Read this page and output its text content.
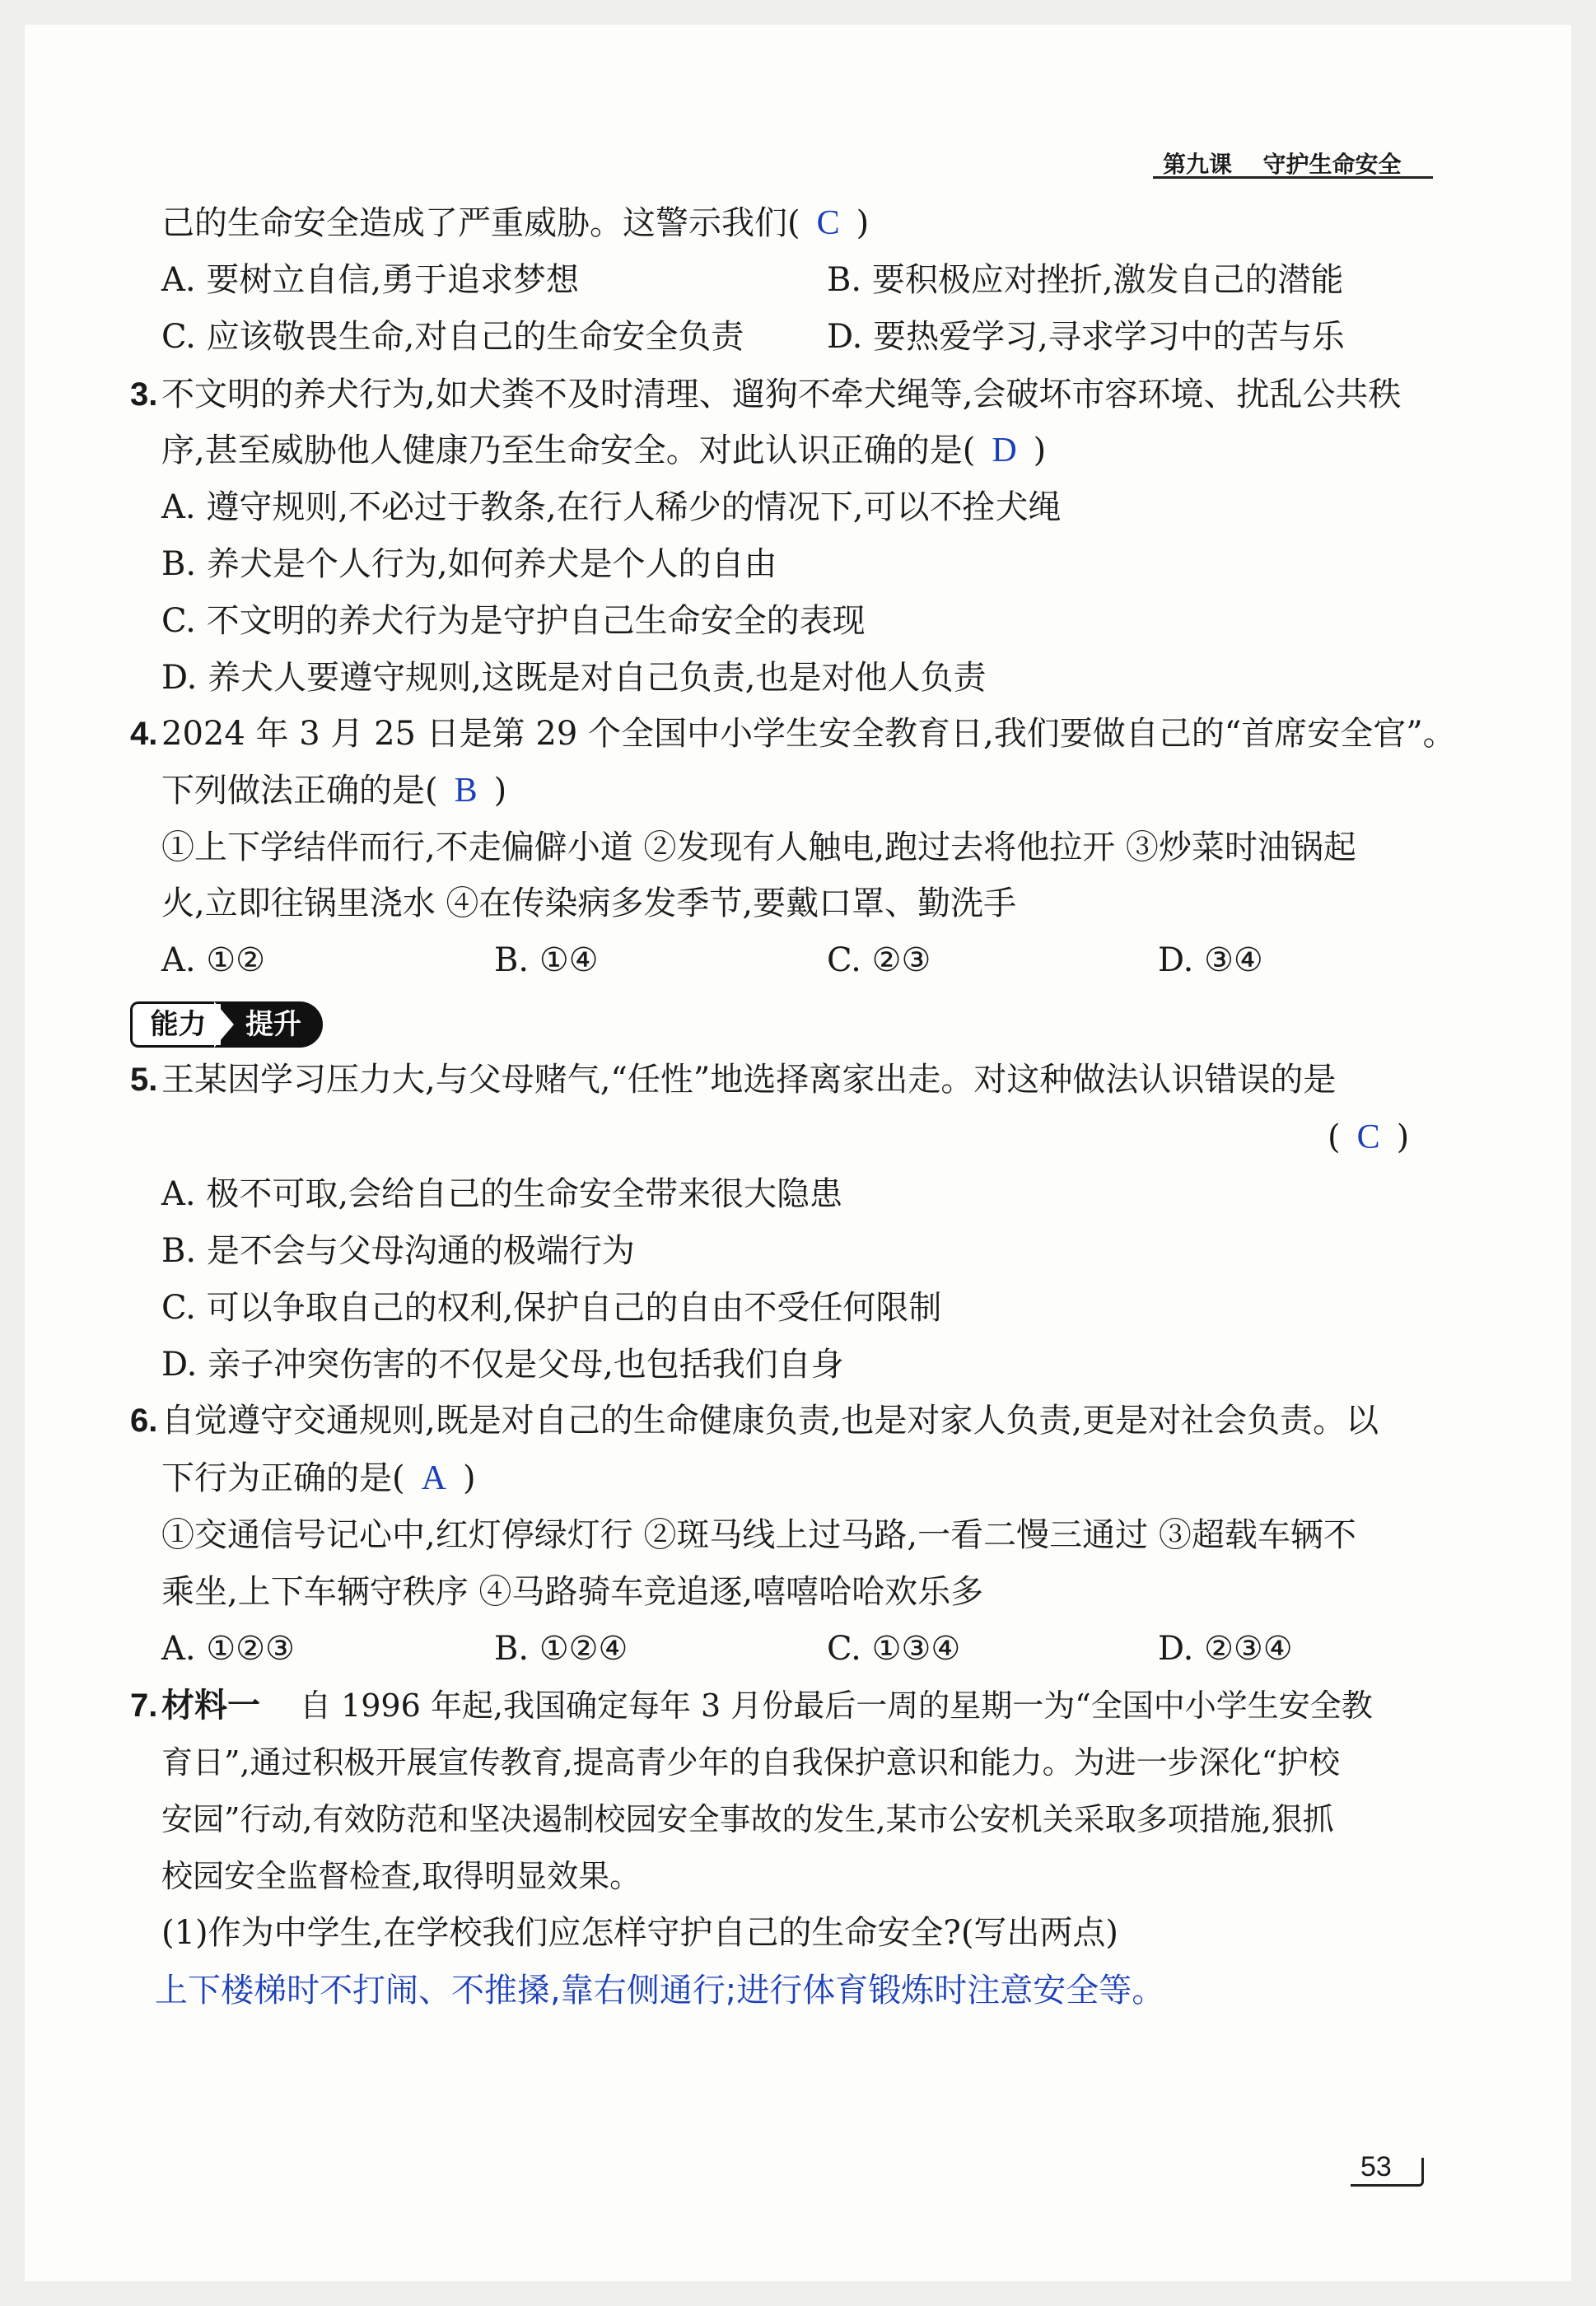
第九课 守护生命安全
己的生命安全造成了严重威胁。这警示我们( C )
A. 要树立自信,勇于追求梦想	B. 要积极应对挫折,激发自己的潜能
C. 应该敬畏生命,对自己的生命安全负责	D. 要热爱学习,寻求学习中的苦与乐
3. 不文明的养犬行为,如犬粪不及时清理、遛狗不牵犬绳等,会破坏市容环境、扰乱公共秩
序,甚至威胁他人健康乃至生命安全。对此认识正确的是( D )
A. 遵守规则,不必过于教条,在行人稀少的情况下,可以不拴犬绳
B. 养犬是个人行为,如何养犬是个人的自由
C. 不文明的养犬行为是守护自己生命安全的表现
D. 养犬人要遵守规则,这既是对自己负责,也是对他人负责
4. 2024 年 3 月 25 日是第 29 个全国中小学生安全教育日,我们要做自己的“首席安全官”。
下列做法正确的是( B )
①上下学结伴而行,不走偏僻小道 ②发现有人触电,跑过去将他拉开 ③炒菜时油锅起
火,立即往锅里浇水 ④在传染病多发季节,要戴口罩、勤洗手
A. ①②	B. ①④	C. ②③	D. ③④
能力	提升
5. 王某因学习压力大,与父母赌气,“任性”地选择离家出走。对这种做法认识错误的是
( C )
A. 极不可取,会给自己的生命安全带来很大隐患
B. 是不会与父母沟通的极端行为
C. 可以争取自己的权利,保护自己的自由不受任何限制
D. 亲子冲突伤害的不仅是父母,也包括我们自身
6. 自觉遵守交通规则,既是对自己的生命健康负责,也是对家人负责,更是对社会负责。以
下行为正确的是( A )
①交通信号记心中,红灯停绿灯行 ②斑马线上过马路,一看二慢三通过 ③超载车辆不
乘坐,上下车辆守秩序 ④马路骑车竞追逐,嘻嘻哈哈欢乐多
A. ①②③	B. ①②④	C. ①③④	D. ②③④
7. 材料一 自 1996 年起,我国确定每年 3 月份最后一周的星期一为“全国中小学生安全教
育日”,通过积极开展宣传教育,提高青少年的自我保护意识和能力。为进一步深化“护校
安园”行动,有效防范和坚决遏制校园安全事故的发生,某市公安机关采取多项措施,狠抓
校园安全监督检查,取得明显效果。
(1)作为中学生,在学校我们应怎样守护自己的生命安全?(写出两点)
上下楼梯时不打闹、不推搡,靠右侧通行;进行体育锻炼时注意安全等。
53
